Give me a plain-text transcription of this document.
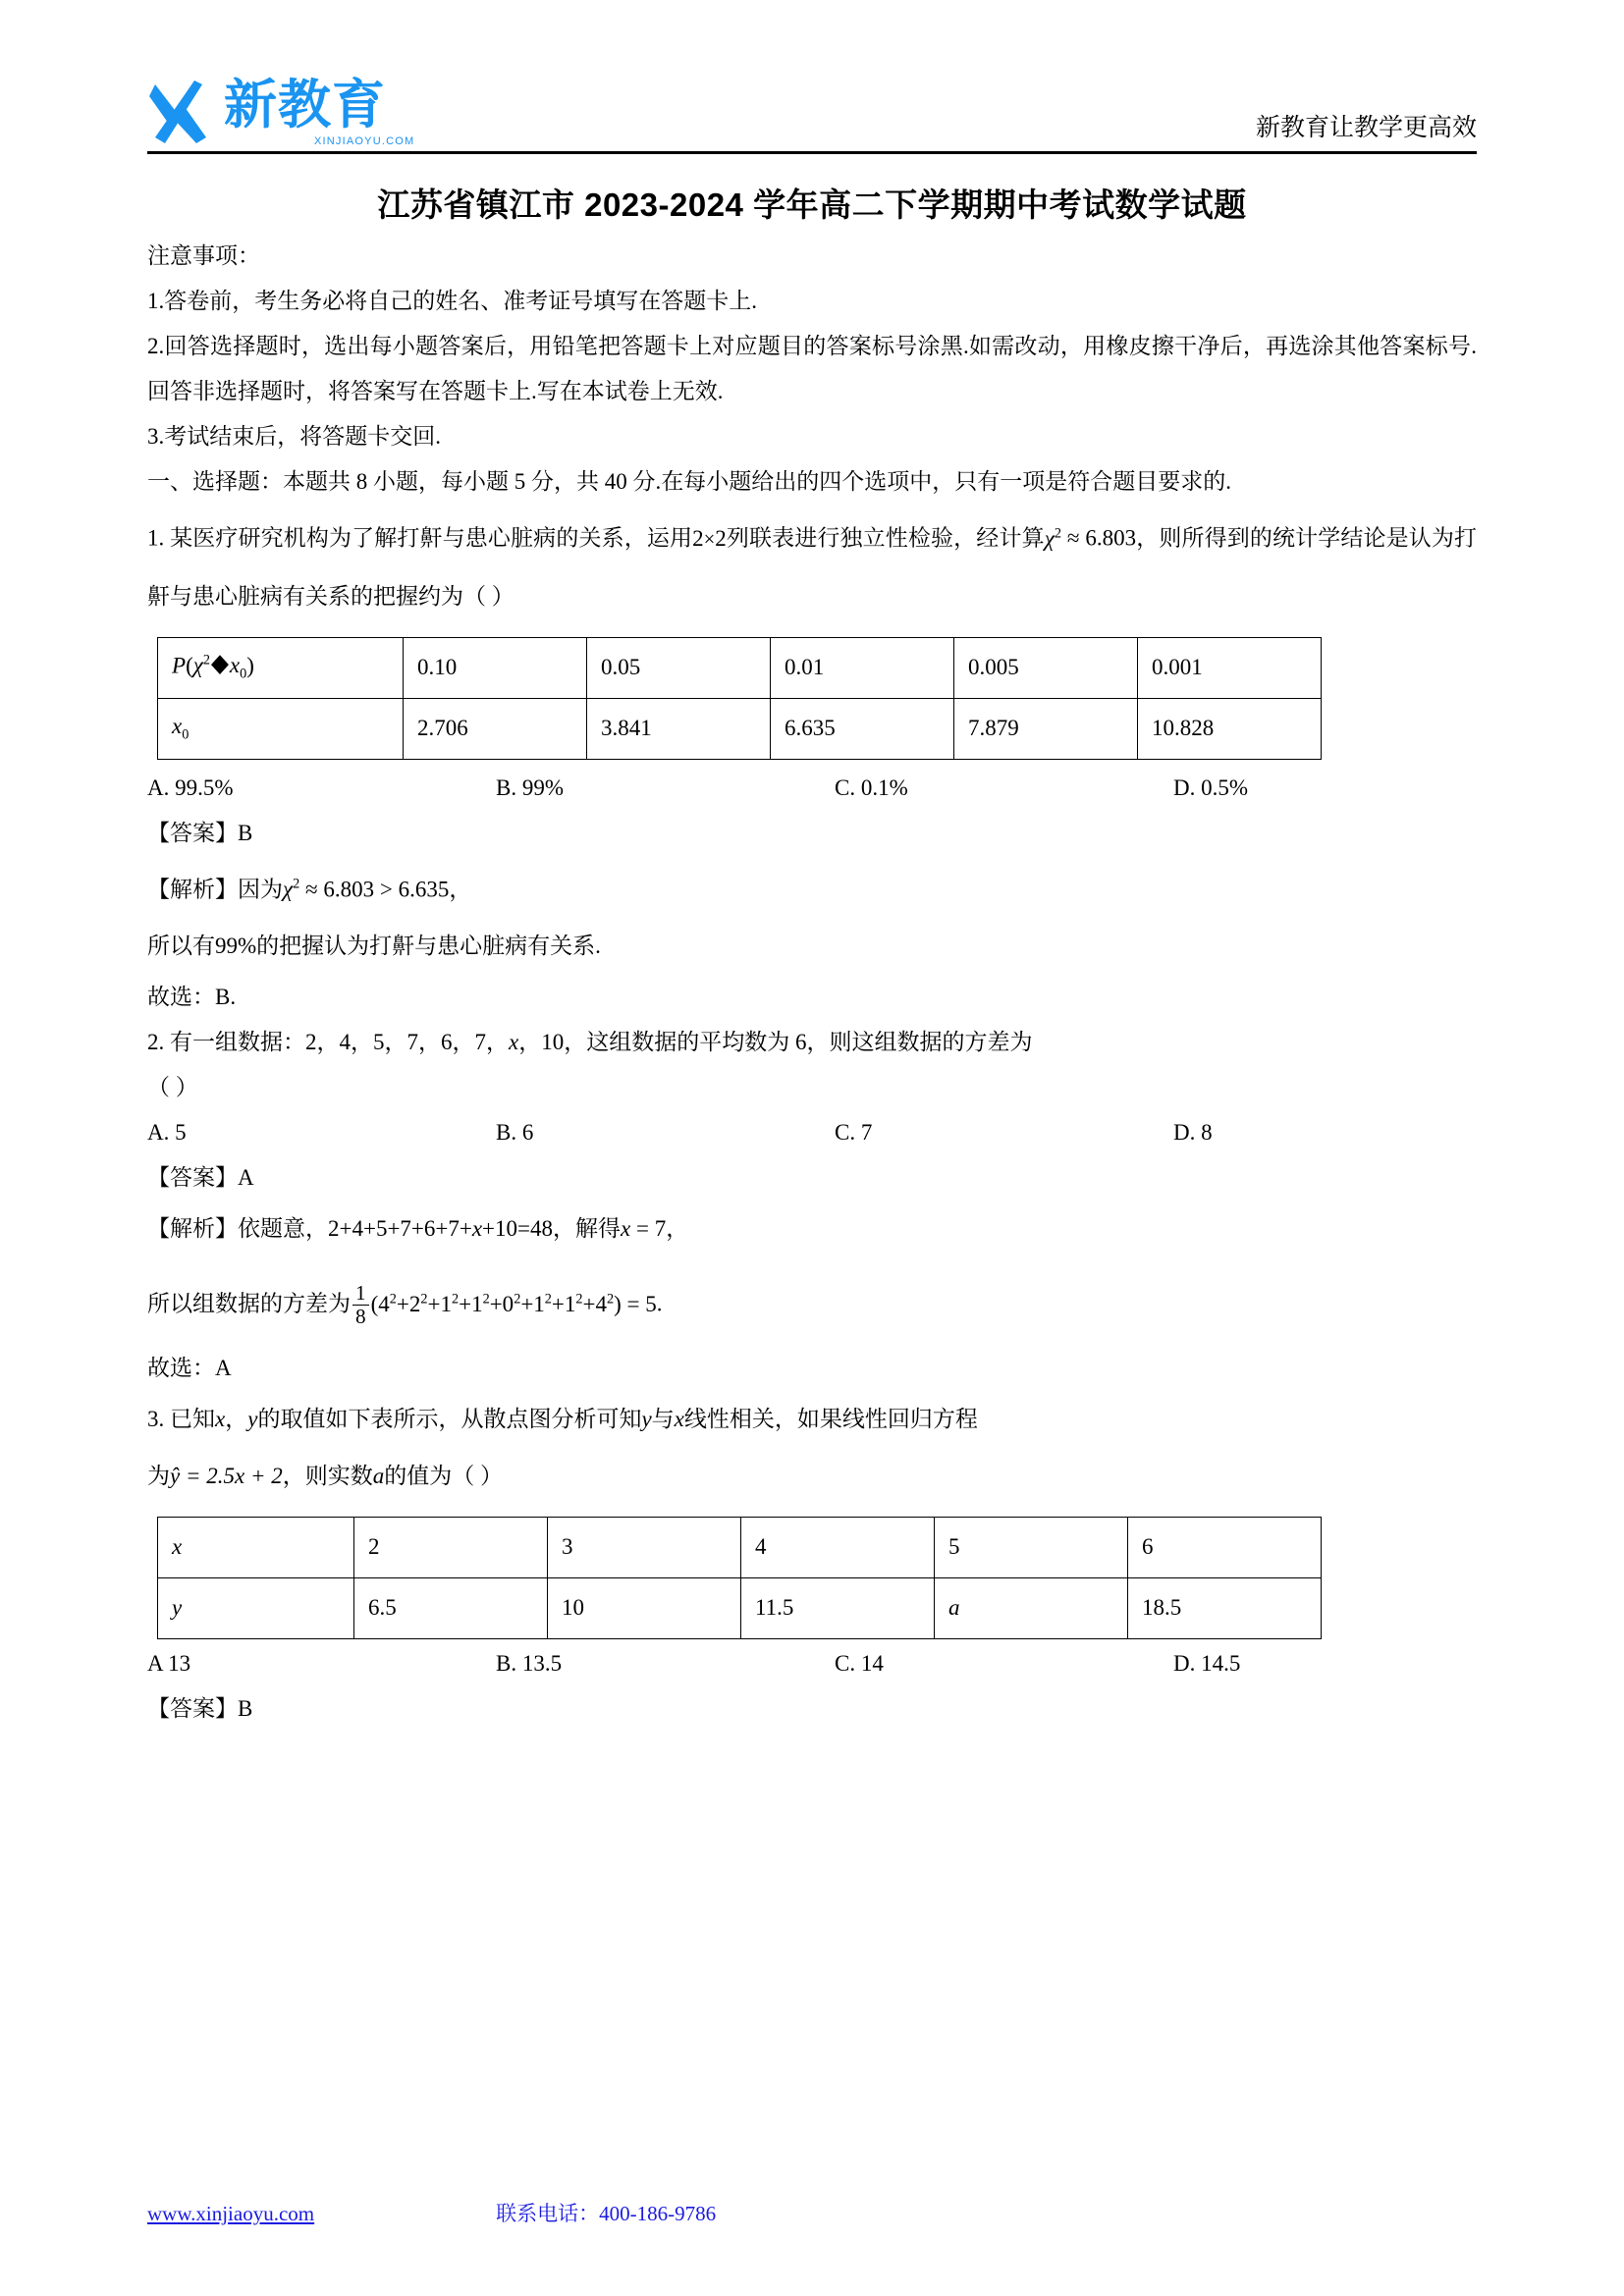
新教育
XINJIAOYU.COM	新教育让教学更高效
江苏省镇江市 2023-2024 学年高二下学期期中考试数学试题

注意事项：

1.答卷前，考生务必将自己的姓名、准考证号填写在答题卡上.

2.回答选择题时，选出每小题答案后，用铅笔把答题卡上对应题目的答案标号涂黑.如需改动，用橡皮擦干净后，再选涂其他答案标号.回答非选择题时，将答案写在答题卡上.写在本试卷上无效.

3.考试结束后，将答题卡交回.

一、选择题：本题共 8 小题，每小题 5 分，共 40 分.在每小题给出的四个选项中，只有一项是符合题目要求的.

1. 某医疗研究机构为了解打鼾与患心脏病的关系，运用2×2列联表进行独立性检验，经计算$\chi^2 \approx 6.803$，则所得到的统计学结论是认为打鼾与患心脏病有关系的把握约为（ ）

$P(\chi^2$ $x_0$)	0.10	0.05	0.01	0.005	0.001
$x_0$	2.706	3.841	6.635	7.879	10.828
A. 99.5%	B. 99%	C. 0.1%	D. 0.5%

【答案】B

【解析】因为$\chi^2 \approx 6.803 > 6.635$，

所以有99%的把握认为打鼾与患心脏病有关系.

故选：B.

2. 有一组数据：2，4，5，7，6，7，x，10，这组数据的平均数为 6，则这组数据的方差为

（ ）

A. 5	B. 6	C. 7	D. 8

【答案】A

【解析】依题意，2+4+5+7+6+7+x+10=48，解得x = 7，

所以组数据的方差为 $\frac{1}{8} (4^2+2^2+1^2+1^2+0^2+1^2+1^2+4^2) = 5$.

故选：A

3. 已知x，y的取值如下表所示，从散点图分析可知y与x线性相关，如果线性回归方程

为ŷ = 2.5x + 2，则实数a的值为（ ）

x	2	3	4	5	6
y	6.5	10	11.5	a	18.5
A 13	B. 13.5	C. 14	D. 14.5

【答案】B

www.xinjiaoyu.com	联系电话：400-186-9786
